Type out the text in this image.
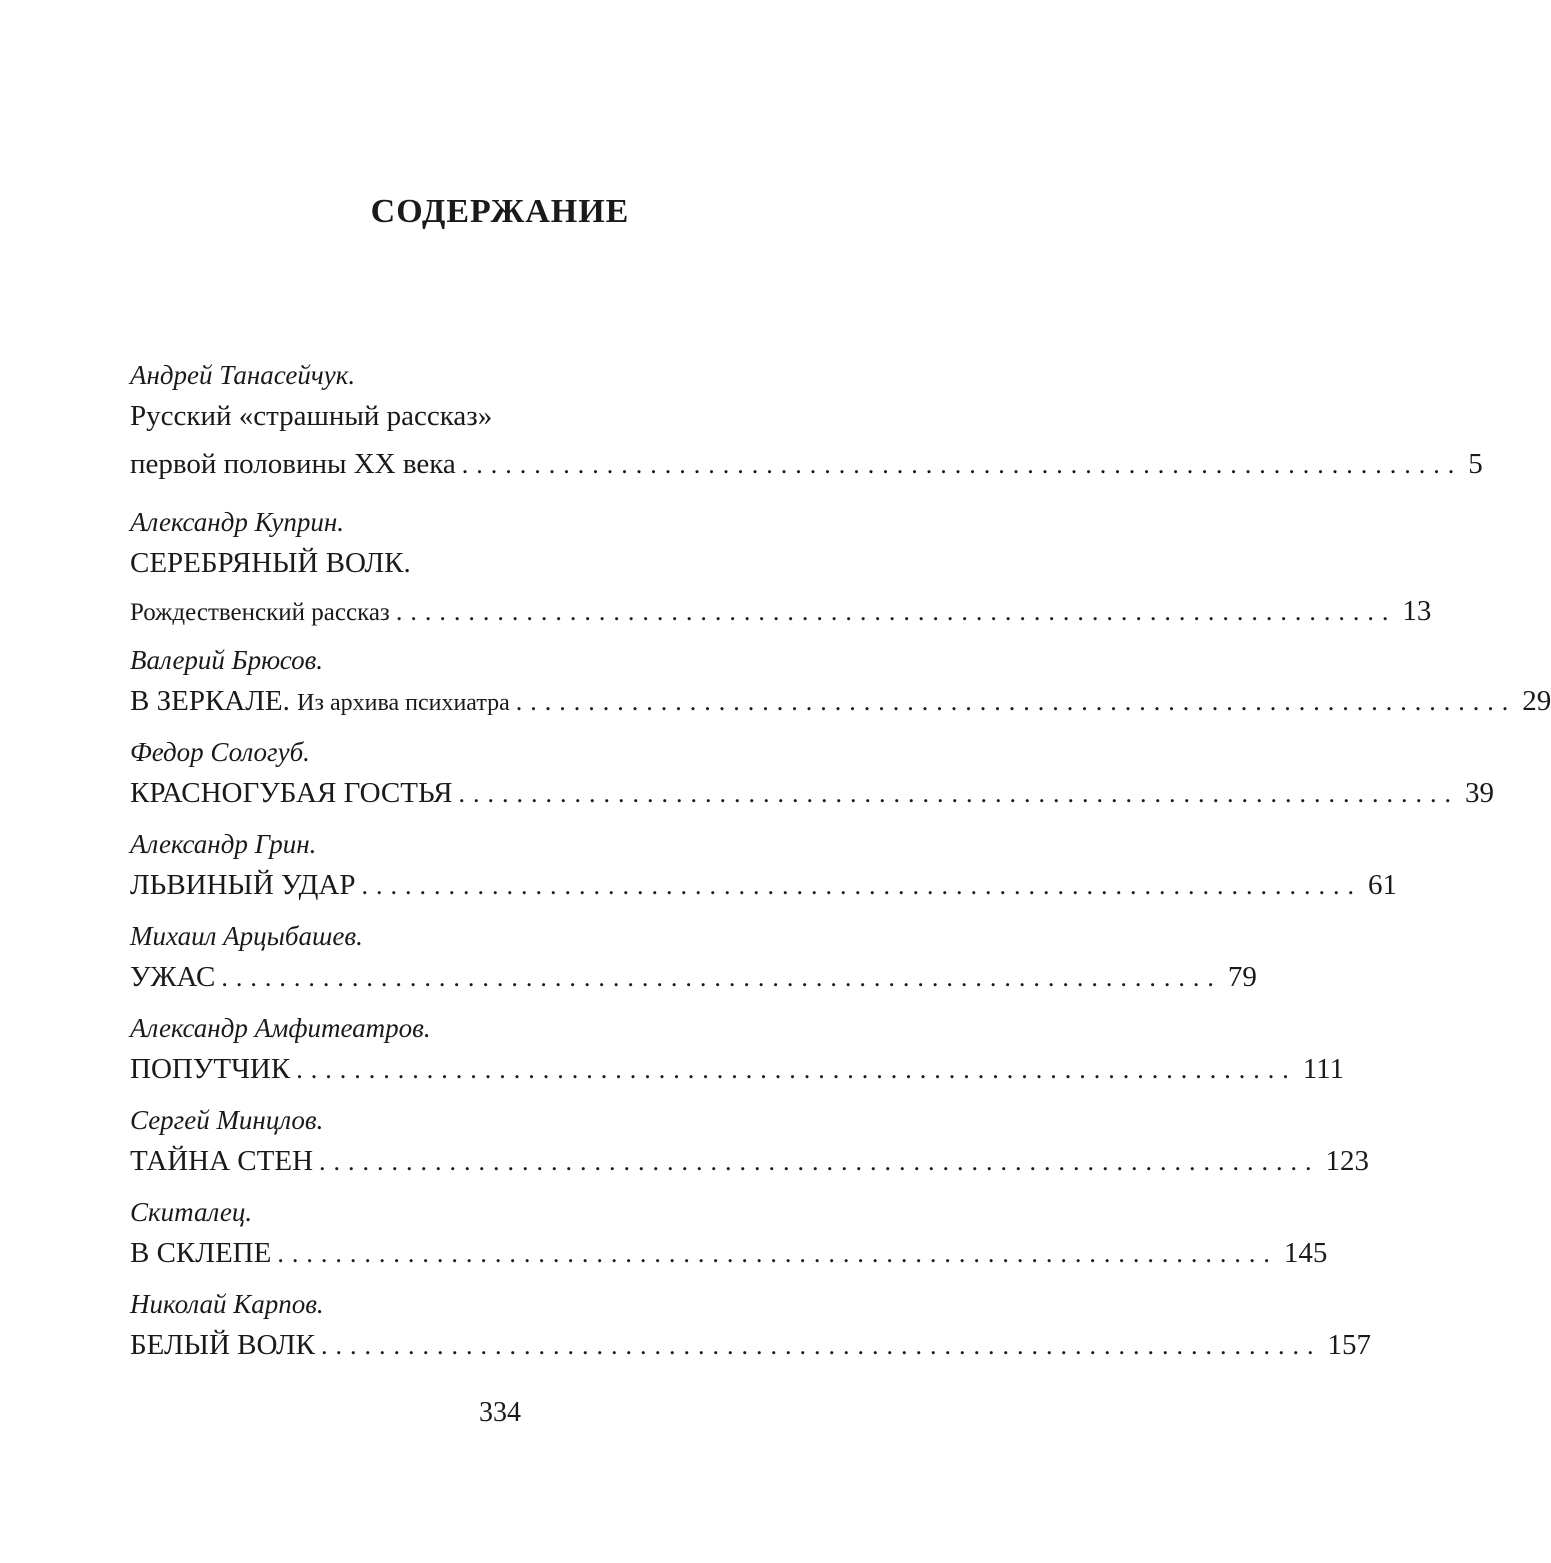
СОДЕРЖАНИЕ
Андрей Танасейчук.
Русский «страшный рассказ»
первой половины XX века ..................................................................... 5
Александр Куприн.
СЕРЕБРЯНЫЙ ВОЛК.
Рождественский рассказ ..................................................................... 13
Валерий Брюсов.
В ЗЕРКАЛЕ. Из архива психиатра ..................................................................... 29
Федор Сологуб.
КРАСНОГУБАЯ ГОСТЬЯ ..................................................................... 39
Александр Грин.
ЛЬВИНЫЙ УДАР ..................................................................... 61
Михаил Арцыбашев.
УЖАС ..................................................................... 79
Александр Амфитеатров.
ПОПУТЧИК ..................................................................... 111
Сергей Минцлов.
ТАЙНА СТЕН ..................................................................... 123
Скиталец.
В СКЛЕПЕ ..................................................................... 145
Николай Карпов.
БЕЛЫЙ ВОЛК ..................................................................... 157

334
